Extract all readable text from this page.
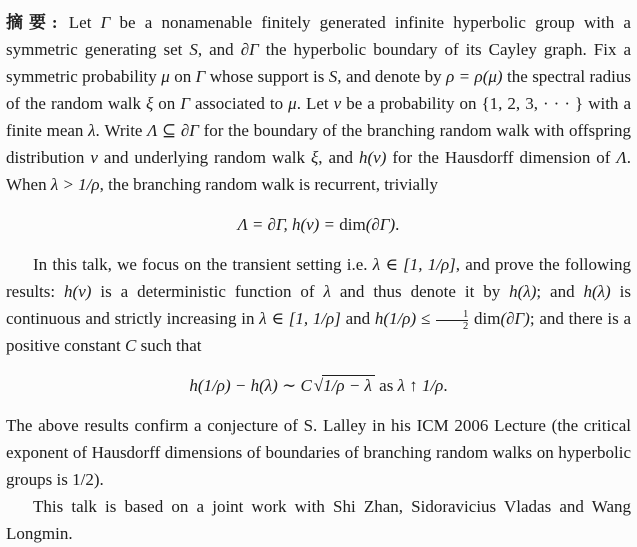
摘要: Let Γ be a nonamenable finitely generated infinite hyperbolic group with a symmetric generating set S, and ∂Γ the hyperbolic boundary of its Cayley graph. Fix a symmetric probability μ on Γ whose support is S, and denote by ρ = ρ(μ) the spectral radius of the random walk ξ on Γ associated to μ. Let ν be a probability on {1, 2, 3, · · · } with a finite mean λ. Write Λ ⊆ ∂Γ for the boundary of the branching random walk with offspring distribution ν and underlying random walk ξ, and h(ν) for the Hausdorff dimension of Λ. When λ > 1/ρ, the branching random walk is recurrent, trivially

Λ = ∂Γ, h(ν) = dim(∂Γ).

In this talk, we focus on the transient setting i.e. λ ∈ [1, 1/ρ], and prove the following results: h(ν) is a deterministic function of λ and thus denote it by h(λ); and h(λ) is continuous and strictly increasing in λ ∈ [1, 1/ρ] and $h(1/\rho) \le \frac{1}{2} dim(\partial\Gamma)$; and there is a positive constant C such that

h(1/ρ) − h(λ) ∼ C √1/ρ − λ as λ ↑ 1/ρ.

The above results confirm a conjecture of S. Lalley in his ICM 2006 Lecture (the critical exponent of Hausdorff dimensions of boundaries of branching random walks on hyperbolic groups is 1/2).

This talk is based on a joint work with Shi Zhan, Sidoravicius Vladas and Wang Longmin.
